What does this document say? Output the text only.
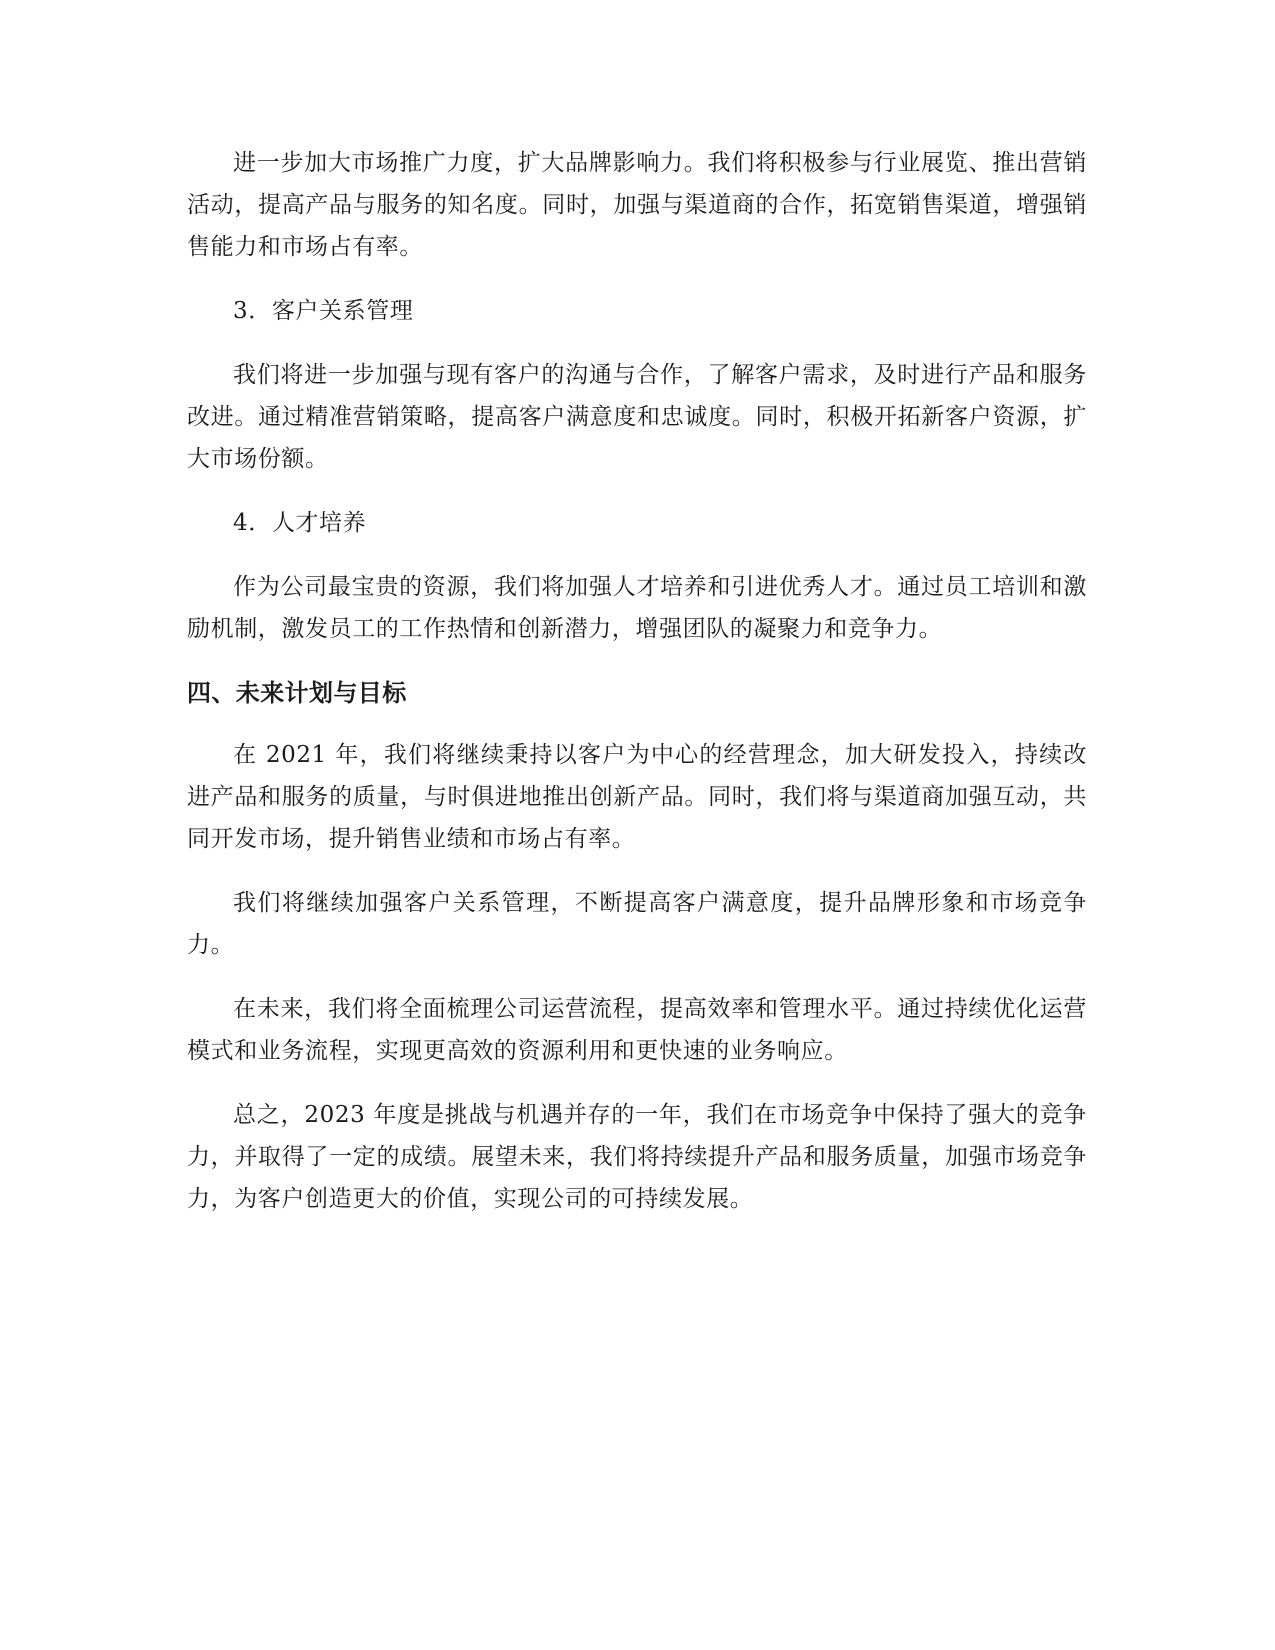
进一步加大市场推广力度，扩大品牌影响力。我们将积极参与行业展览、推出营销活动，提高产品与服务的知名度。同时，加强与渠道商的合作，拓宽销售渠道，增强销售能力和市场占有率。

3．客户关系管理

我们将进一步加强与现有客户的沟通与合作，了解客户需求，及时进行产品和服务改进。通过精准营销策略，提高客户满意度和忠诚度。同时，积极开拓新客户资源，扩大市场份额。

4．人才培养

作为公司最宝贵的资源，我们将加强人才培养和引进优秀人才。通过员工培训和激励机制，激发员工的工作热情和创新潜力，增强团队的凝聚力和竞争力。

四、未来计划与目标

在 2021 年，我们将继续秉持以客户为中心的经营理念，加大研发投入，持续改进产品和服务的质量，与时俱进地推出创新产品。同时，我们将与渠道商加强互动，共同开发市场，提升销售业绩和市场占有率。

我们将继续加强客户关系管理，不断提高客户满意度，提升品牌形象和市场竞争力。

在未来，我们将全面梳理公司运营流程，提高效率和管理水平。通过持续优化运营模式和业务流程，实现更高效的资源利用和更快速的业务响应。

总之，2023 年度是挑战与机遇并存的一年，我们在市场竞争中保持了强大的竞争力，并取得了一定的成绩。展望未来，我们将持续提升产品和服务质量，加强市场竞争力，为客户创造更大的价值，实现公司的可持续发展。
